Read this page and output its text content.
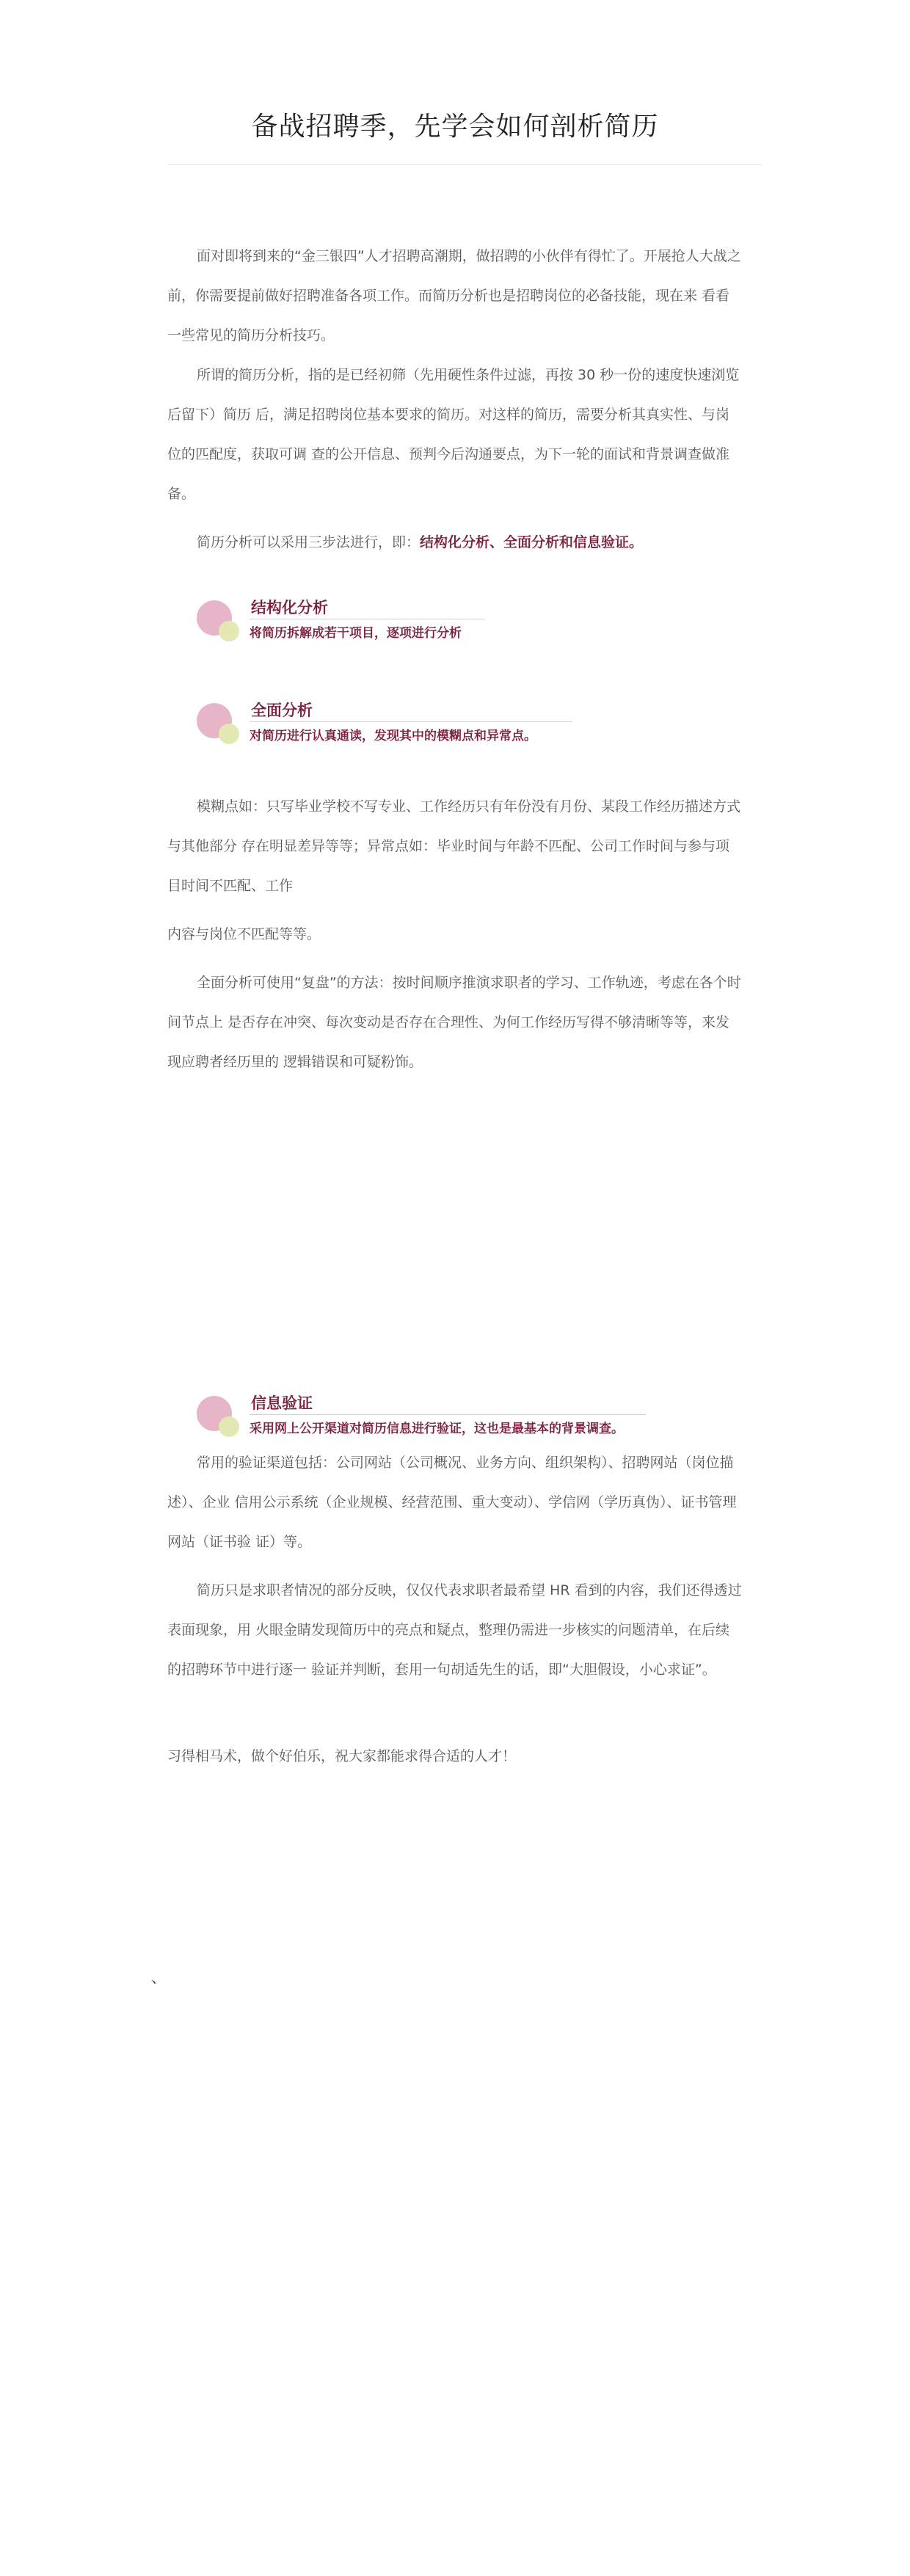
备战招聘季，先学会如何剖析简历

面对即将到来的“金三银四”人才招聘高潮期，做招聘的小伙伴有得忙了。开展抢人大战之前，你需要提前做好招聘准备各项工作。而简历分析也是招聘岗位的必备技能，现在来 看看一些常见的简历分析技巧。

所谓的简历分析，指的是已经初筛（先用硬性条件过滤，再按 30 秒一份的速度快速浏览后留下）简历 后，满足招聘岗位基本要求的简历。对这样的简历，需要分析其真实性、与岗位的匹配度，获取可调 查的公开信息、预判今后沟通要点，为下一轮的面试和背景调查做准备。

简历分析可以采用三步法进行，即：结构化分析、全面分析和信息验证。

结构化分析
将简历拆解成若干项目，逐项进行分析
全面分析
对简历进行认真通读，发现其中的模糊点和异常点。

模糊点如：只写毕业学校不写专业、工作经历只有年份没有月份、某段工作经历描述方式与其他部分 存在明显差异等等；异常点如：毕业时间与年龄不匹配、公司工作时间与参与项目时间不匹配、工作

内容与岗位不匹配等等。

全面分析可使用“复盘”的方法：按时间顺序推演求职者的学习、工作轨迹，考虑在各个时间节点上 是否存在冲突、每次变动是否存在合理性、为何工作经历写得不够清晰等等，来发现应聘者经历里的 逻辑错误和可疑粉饰。

信息验证
采用网上公开渠道对简历信息进行验证，这也是最基本的背景调查。

常用的验证渠道包括：公司网站（公司概况、业务方向、组织架构）、招聘网站（岗位描述）、企业 信用公示系统（企业规模、经营范围、重大变动）、学信网（学历真伪）、证书管理网站（证书验 证）等。

简历只是求职者情况的部分反映，仅仅代表求职者最希望 HR 看到的内容，我们还得透过表面现象，用 火眼金睛发现简历中的亮点和疑点，整理仍需进一步核实的问题清单，在后续的招聘环节中进行逐一 验证并判断，套用一句胡适先生的话，即“大胆假设，小心求证”。

习得相马术，做个好伯乐，祝大家都能求得合适的人才！

、
